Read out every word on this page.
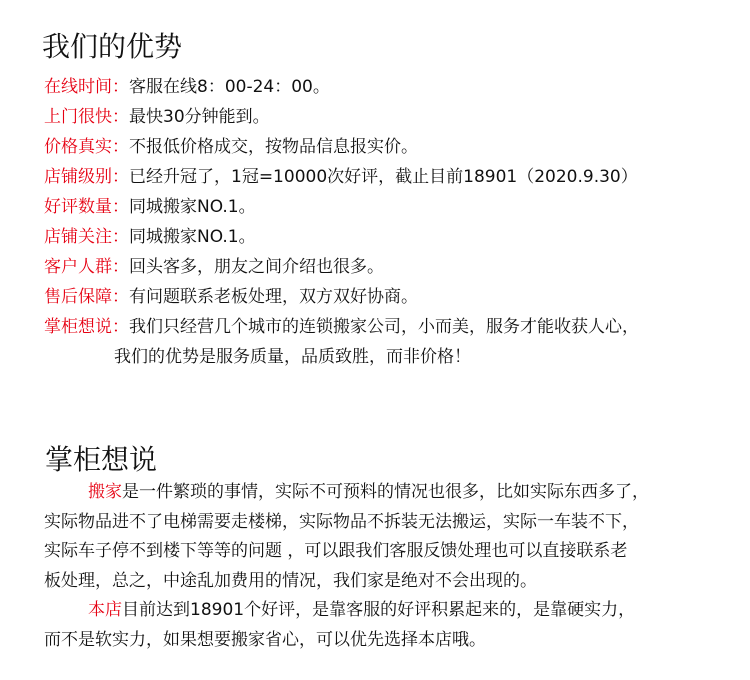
我们的优势
在线时间：客服在线8：00-24：00。
上门很快：最快30分钟能到。
价格真实：不报低价格成交，按物品信息报实价。
店铺级别：已经升冠了，1冠=10000次好评，截止目前18901（2020.9.30）
好评数量：同城搬家NO.1。
店铺关注：同城搬家NO.1。
客户人群：回头客多，朋友之间介绍也很多。
售后保障：有问题联系老板处理，双方双好协商。
掌柜想说：我们只经营几个城市的连锁搬家公司，小而美，服务才能收获人心，
我们的优势是服务质量，品质致胜，而非价格！
掌柜想说
搬家是一件繁琐的事情，实际不可预料的情况也很多，比如实际东西多了，
实际物品进不了电梯需要走楼梯，实际物品不拆装无法搬运，实际一车装不下，
实际车子停不到楼下等等的问题 ，可以跟我们客服反馈处理也可以直接联系老
板处理，总之，中途乱加费用的情况，我们家是绝对不会出现的。
本店目前达到18901个好评，是靠客服的好评积累起来的，是靠硬实力，
而不是软实力，如果想要搬家省心，可以优先选择本店哦。
